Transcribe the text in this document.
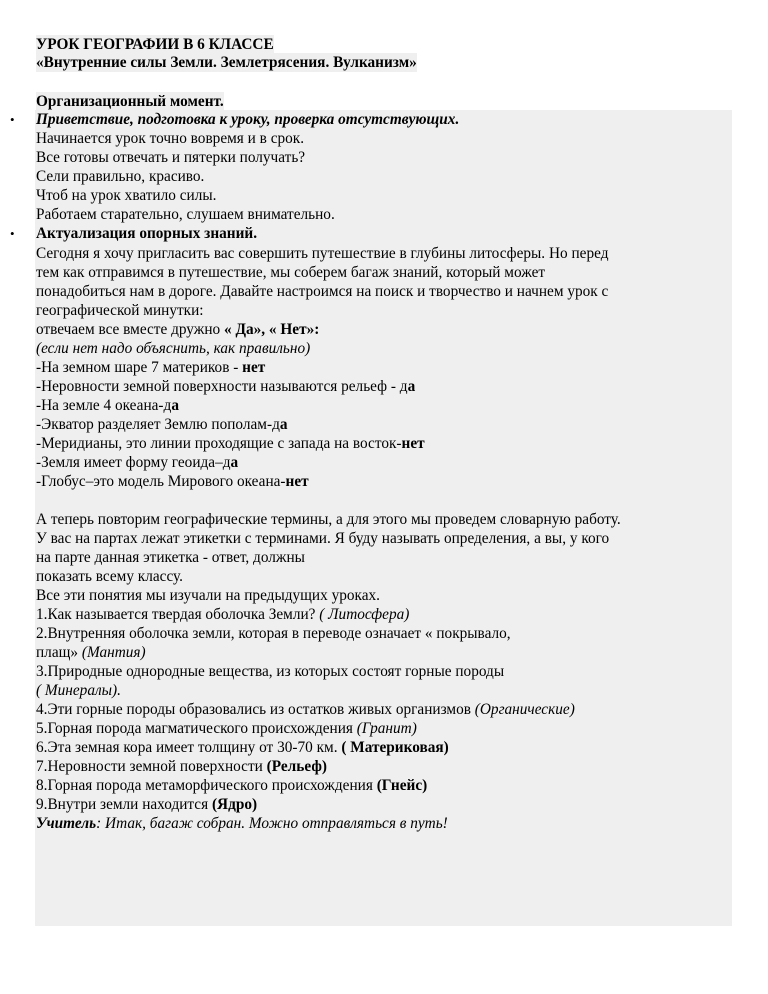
УРОК ГЕОГРАФИИ В 6 КЛАССЕ
«Внутренние силы Земли. Землетрясения. Вулканизм»
Организационный момент.
• Приветствие, подготовка к уроку, проверка отсутствующих.
Начинается урок точно вовремя и в срок.
Все готовы отвечать и пятерки получать?
Сели правильно, красиво.
Чтоб на урок хватило силы.
Работаем старательно, слушаем внимательно.
• Актуализация опорных знаний.
Сегодня я хочу пригласить вас совершить путешествие в глубины литосферы. Но перед
тем как отправимся в путешествие, мы соберем багаж знаний, который может
понадобиться нам в дороге. Давайте настроимся на поиск и творчество и начнем урок с
географической минутки:
отвечаем все вместе дружно « Да», « Нет»:
(если нет надо объяснить, как правильно)
-На земном шаре 7 материков - нет
-Неровности земной поверхности называются рельеф - да
-На земле 4 океана-да
-Экватор разделяет Землю пополам-да
-Меридианы, это линии проходящие с запада на восток-нет
-Земля имеет форму геоида–да
-Глобус–это модель Мирового океана-нет
А теперь повторим географические термины, а для этого мы проведем словарную работу.
У вас на партах лежат этикетки с терминами. Я буду называть определения, а вы, у кого
на парте данная этикетка - ответ, должны
показать всему классу.
Все эти понятия мы изучали на предыдущих уроках.
1.Как называется твердая оболочка Земли? ( Литосфера)
2.Внутренняя оболочка земли, которая в переводе означает « покрывало,
плащ» (Мантия)
3.Природные однородные вещества, из которых состоят горные породы
( Минералы).
4.Эти горные породы образовались из остатков живых организмов (Органические)
5.Горная порода магматического происхождения (Гранит)
6.Эта земная кора имеет толщину от 30-70 км. ( Материковая)
7.Неровности земной поверхности (Рельеф)
8.Горная порода метаморфического происхождения (Гнейс)
9.Внутри земли находится (Ядро)
Учитель: Итак, багаж собран. Можно отправляться в путь!
